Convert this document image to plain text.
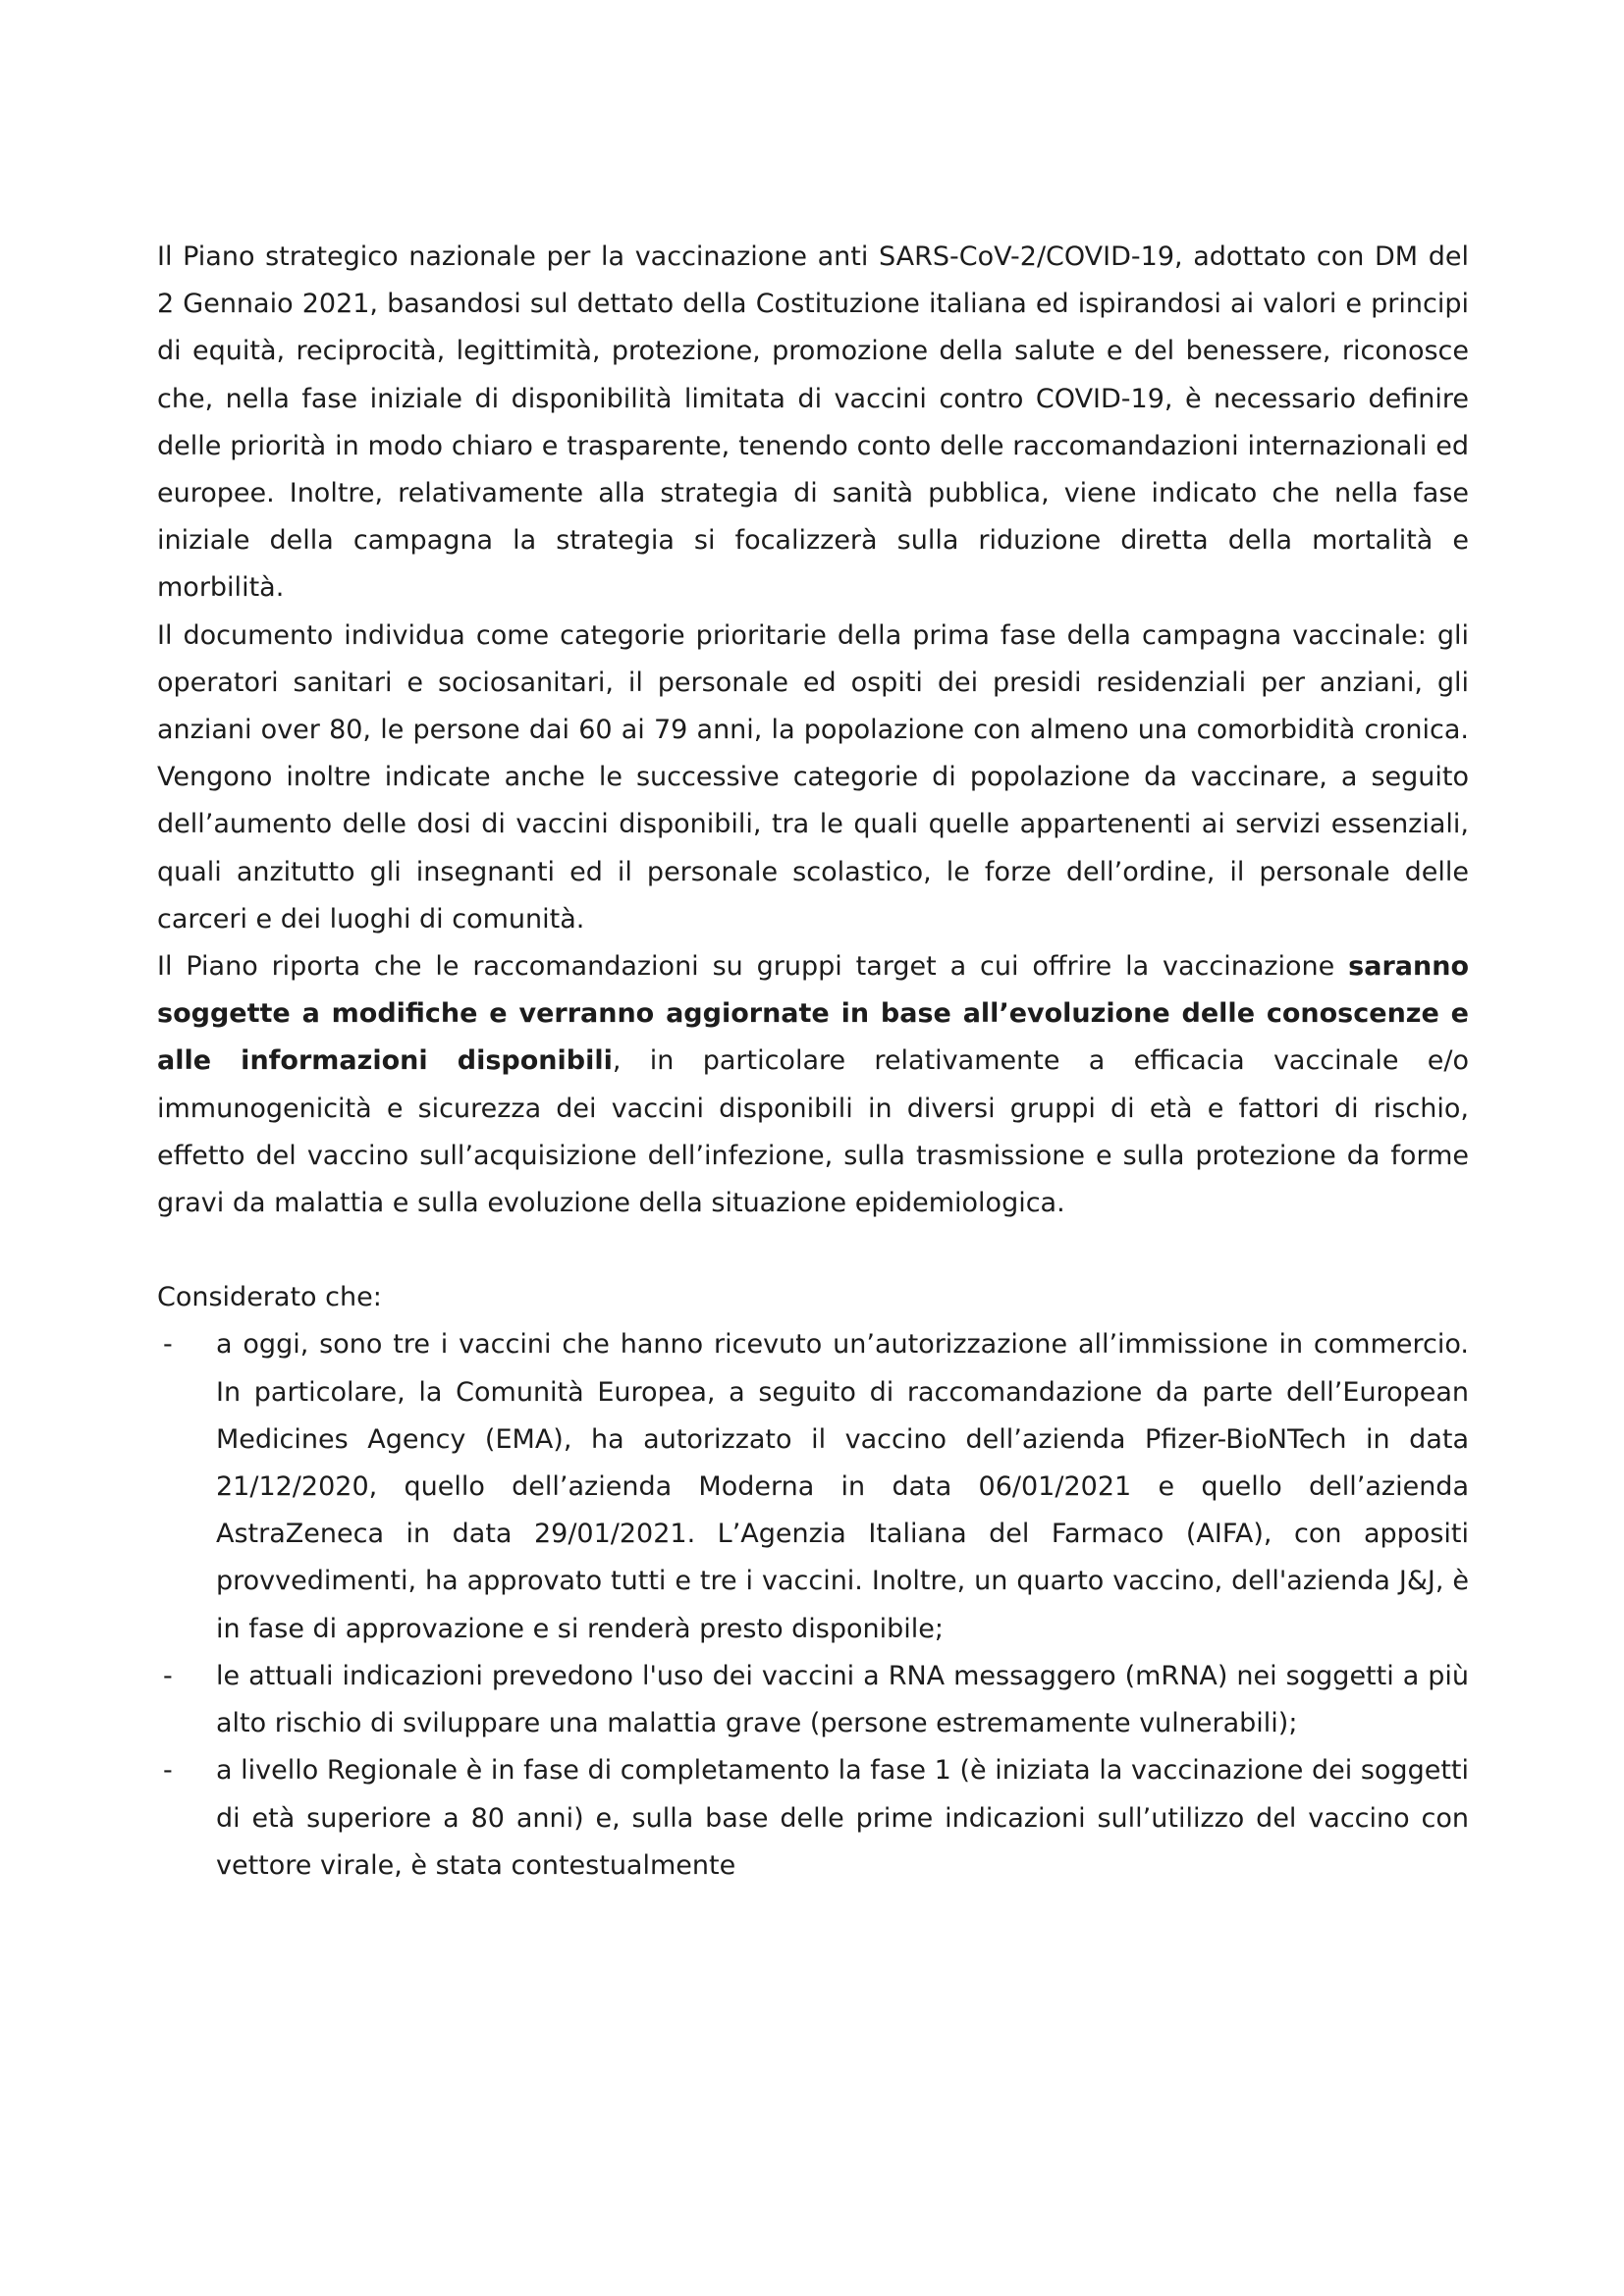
Il Piano strategico nazionale per la vaccinazione anti SARS-CoV-2/COVID-19, adottato con DM del 2 Gennaio 2021, basandosi sul dettato della Costituzione italiana ed ispirandosi ai valori e principi di equità, reciprocità, legittimità, protezione, promozione della salute e del benessere, riconosce che, nella fase iniziale di disponibilità limitata di vaccini contro COVID-19, è necessario definire delle priorità in modo chiaro e trasparente, tenendo conto delle raccomandazioni internazionali ed europee. Inoltre, relativamente alla strategia di sanità pubblica, viene indicato che nella fase iniziale della campagna la strategia si focalizzerà sulla riduzione diretta della mortalità e morbilità.

Il documento individua come categorie prioritarie della prima fase della campagna vaccinale: gli operatori sanitari e sociosanitari, il personale ed ospiti dei presidi residenziali per anziani, gli anziani over 80, le persone dai 60 ai 79 anni, la popolazione con almeno una comorbidità cronica. Vengono inoltre indicate anche le successive categorie di popolazione da vaccinare, a seguito dell’aumento delle dosi di vaccini disponibili, tra le quali quelle appartenenti ai servizi essenziali, quali anzitutto gli insegnanti ed il personale scolastico, le forze dell’ordine, il personale delle carceri e dei luoghi di comunità.

Il Piano riporta che le raccomandazioni su gruppi target a cui offrire la vaccinazione saranno soggette a modifiche e verranno aggiornate in base all’evoluzione delle conoscenze e alle informazioni disponibili, in particolare relativamente a efficacia vaccinale e/o immunogenicità e sicurezza dei vaccini disponibili in diversi gruppi di età e fattori di rischio, effetto del vaccino sull’acquisizione dell’infezione, sulla trasmissione e sulla protezione da forme gravi da malattia e sulla evoluzione della situazione epidemiologica.

Considerato che:

- a oggi, sono tre i vaccini che hanno ricevuto un’autorizzazione all’immissione in commercio. In particolare, la Comunità Europea, a seguito di raccomandazione da parte dell’European Medicines Agency (EMA), ha autorizzato il vaccino dell’azienda Pfizer-BioNTech in data 21/12/2020, quello dell’azienda Moderna in data 06/01/2021 e quello dell’azienda AstraZeneca in data 29/01/2021. L’Agenzia Italiana del Farmaco (AIFA), con appositi provvedimenti, ha approvato tutti e tre i vaccini. Inoltre, un quarto vaccino, dell'azienda J&J, è in fase di approvazione e si renderà presto disponibile;
- le attuali indicazioni prevedono l'uso dei vaccini a RNA messaggero (mRNA) nei soggetti a più alto rischio di sviluppare una malattia grave (persone estremamente vulnerabili);
- a livello Regionale è in fase di completamento la fase 1 (è iniziata la vaccinazione dei soggetti di età superiore a 80 anni) e, sulla base delle prime indicazioni sull’utilizzo del vaccino con vettore virale, è stata contestualmente
